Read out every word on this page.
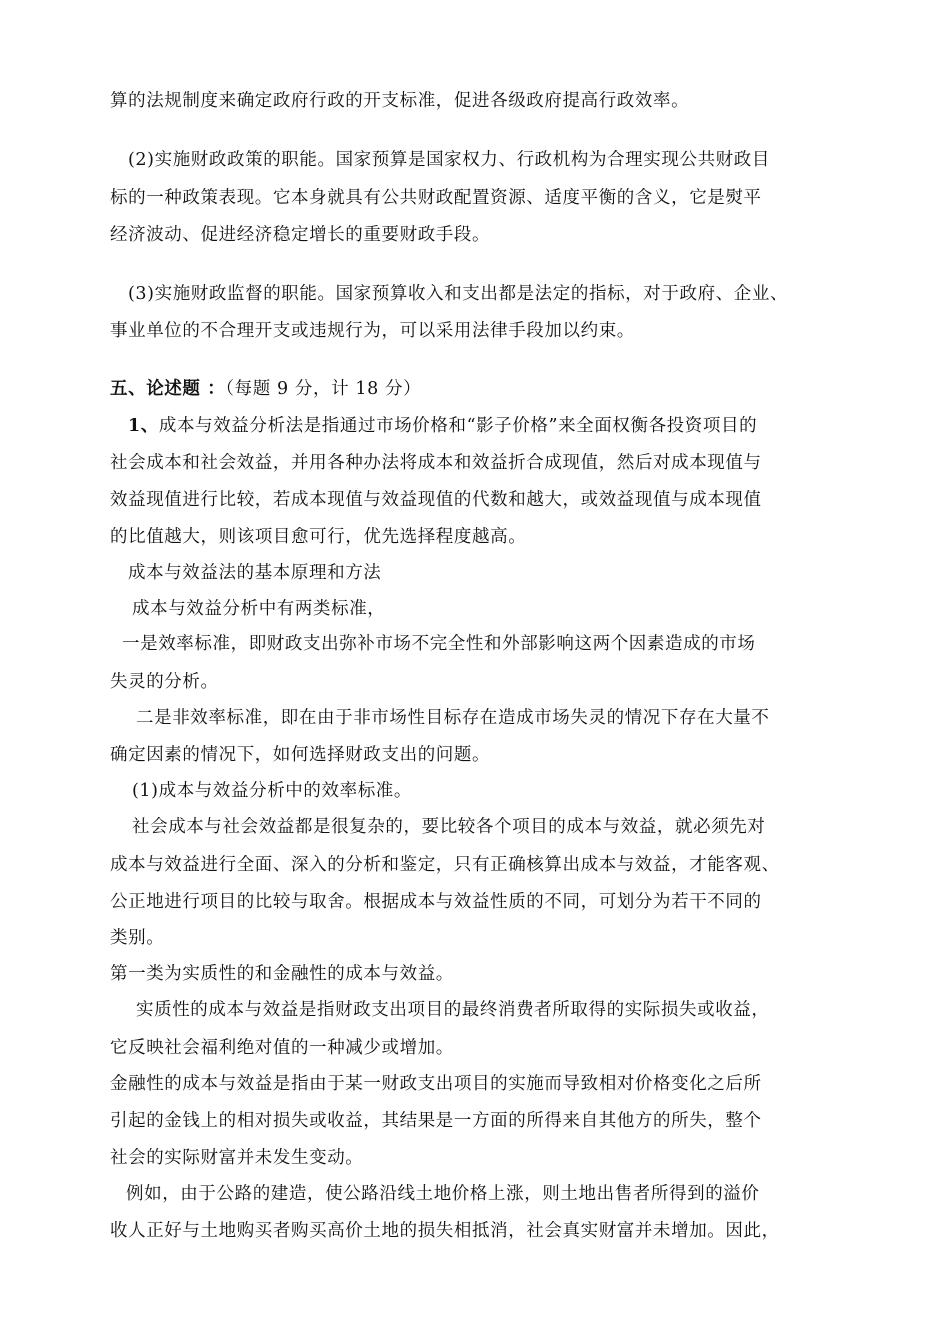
算的法规制度来确定政府行政的开支标准，促进各级政府提高行政效率。
(2)实施财政政策的职能。国家预算是国家权力、行政机构为合理实现公共财政目
标的一种政策表现。它本身就具有公共财政配置资源、适度平衡的含义，它是熨平
经济波动、促进经济稳定增长的重要财政手段。
(3)实施财政监督的职能。国家预算收入和支出都是法定的指标，对于政府、企业、
事业单位的不合理开支或违规行为，可以采用法律手段加以约束。
五、论述题 ：（每题 9 分，计 18 分）
1、成本与效益分析法是指通过市场价格和“影子价格”来全面权衡各投资项目的
社会成本和社会效益，并用各种办法将成本和效益折合成现值，然后对成本现值与
效益现值进行比较，若成本现值与效益现值的代数和越大，或效益现值与成本现值
的比值越大，则该项目愈可行，优先选择程度越高。
成本与效益法的基本原理和方法
成本与效益分析中有两类标准，
一是效率标准，即财政支出弥补市场不完全性和外部影响这两个因素造成的市场
失灵的分析。
二是非效率标准，即在由于非市场性目标存在造成市场失灵的情况下存在大量不
确定因素的情况下，如何选择财政支出的问题。
(1)成本与效益分析中的效率标准。
社会成本与社会效益都是很复杂的，要比较各个项目的成本与效益，就必须先对
成本与效益进行全面、深入的分析和鉴定，只有正确核算出成本与效益，才能客观、
公正地进行项目的比较与取舍。根据成本与效益性质的不同，可划分为若干不同的
类别。
第一类为实质性的和金融性的成本与效益。
实质性的成本与效益是指财政支出项目的最终消费者所取得的实际损失或收益，
它反映社会福利绝对值的一种减少或增加。
金融性的成本与效益是指由于某一财政支出项目的实施而导致相对价格变化之后所
引起的金钱上的相对损失或收益，其结果是一方面的所得来自其他方的所失，整个
社会的实际财富并未发生变动。
例如，由于公路的建造，使公路沿线土地价格上涨，则土地出售者所得到的溢价
收人正好与土地购买者购买高价土地的损失相抵消，社会真实财富并未增加。因此，
